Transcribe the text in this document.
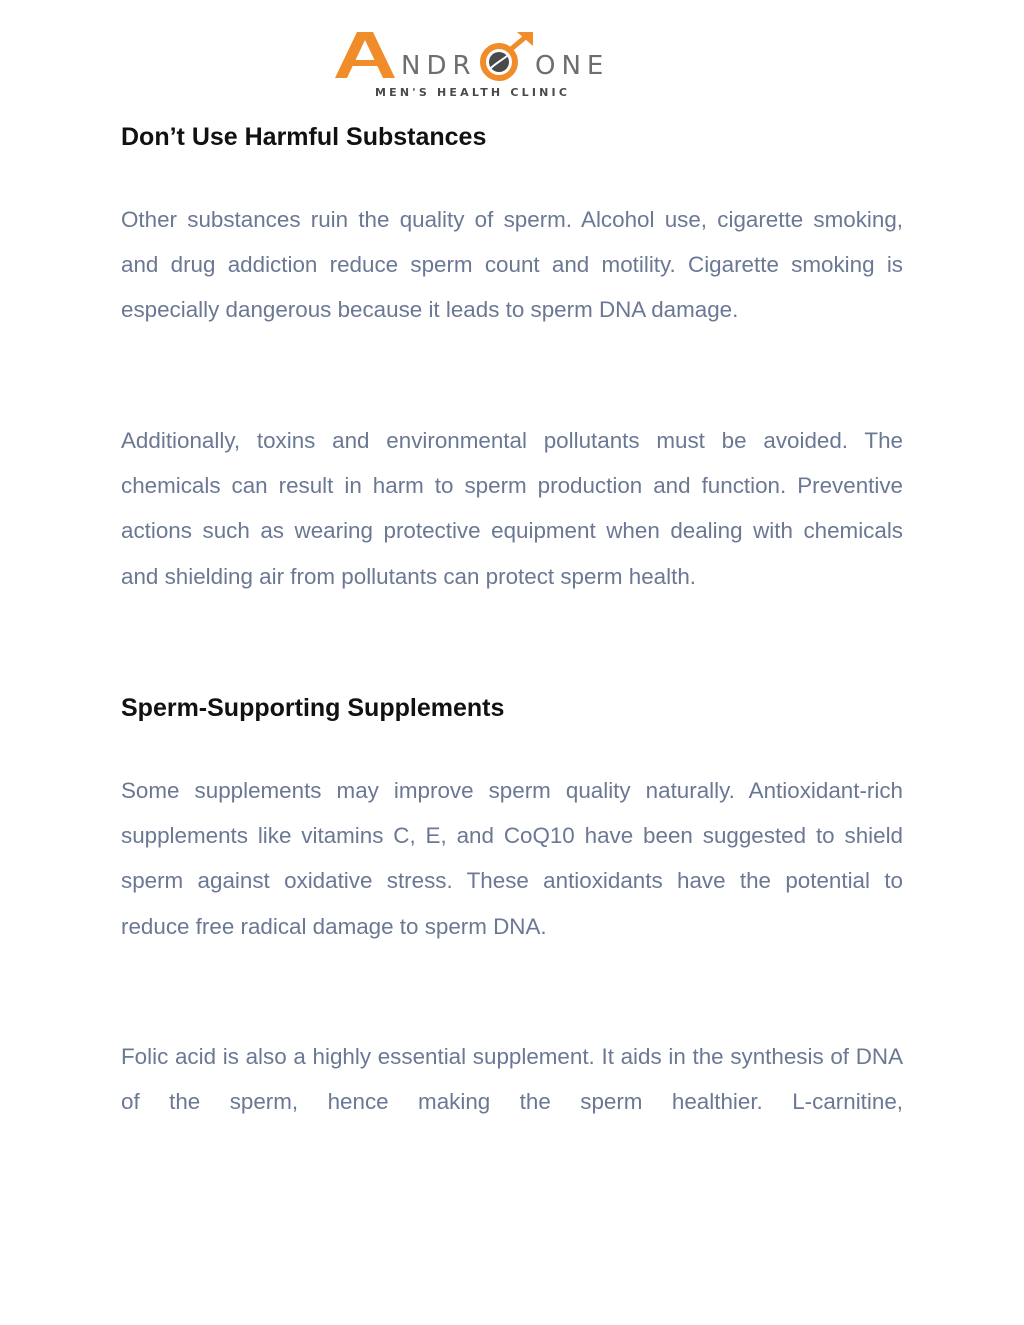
NDR ONE
MEN'S HEALTH CLINIC
Don’t Use Harmful Substances

Other substances ruin the quality of sperm. Alcohol use, cigarette smoking, and drug addiction reduce sperm count and motility. Cigarette smoking is especially dangerous because it leads to sperm DNA damage.

Additionally, toxins and environmental pollutants must be avoided. The chemicals can result in harm to sperm production and function. Preventive actions such as wearing protective equipment when dealing with chemicals and shielding air from pollutants can protect sperm health.

Sperm-Supporting Supplements

Some supplements may improve sperm quality naturally. Antioxidant-rich supplements like vitamins C, E, and CoQ10 have been suggested to shield sperm against oxidative stress. These antioxidants have the potential to reduce free radical damage to sperm DNA.

Folic acid is also a highly essential supplement. It aids in the synthesis of DNA of the sperm, hence making the sperm healthier. L-carnitine,
